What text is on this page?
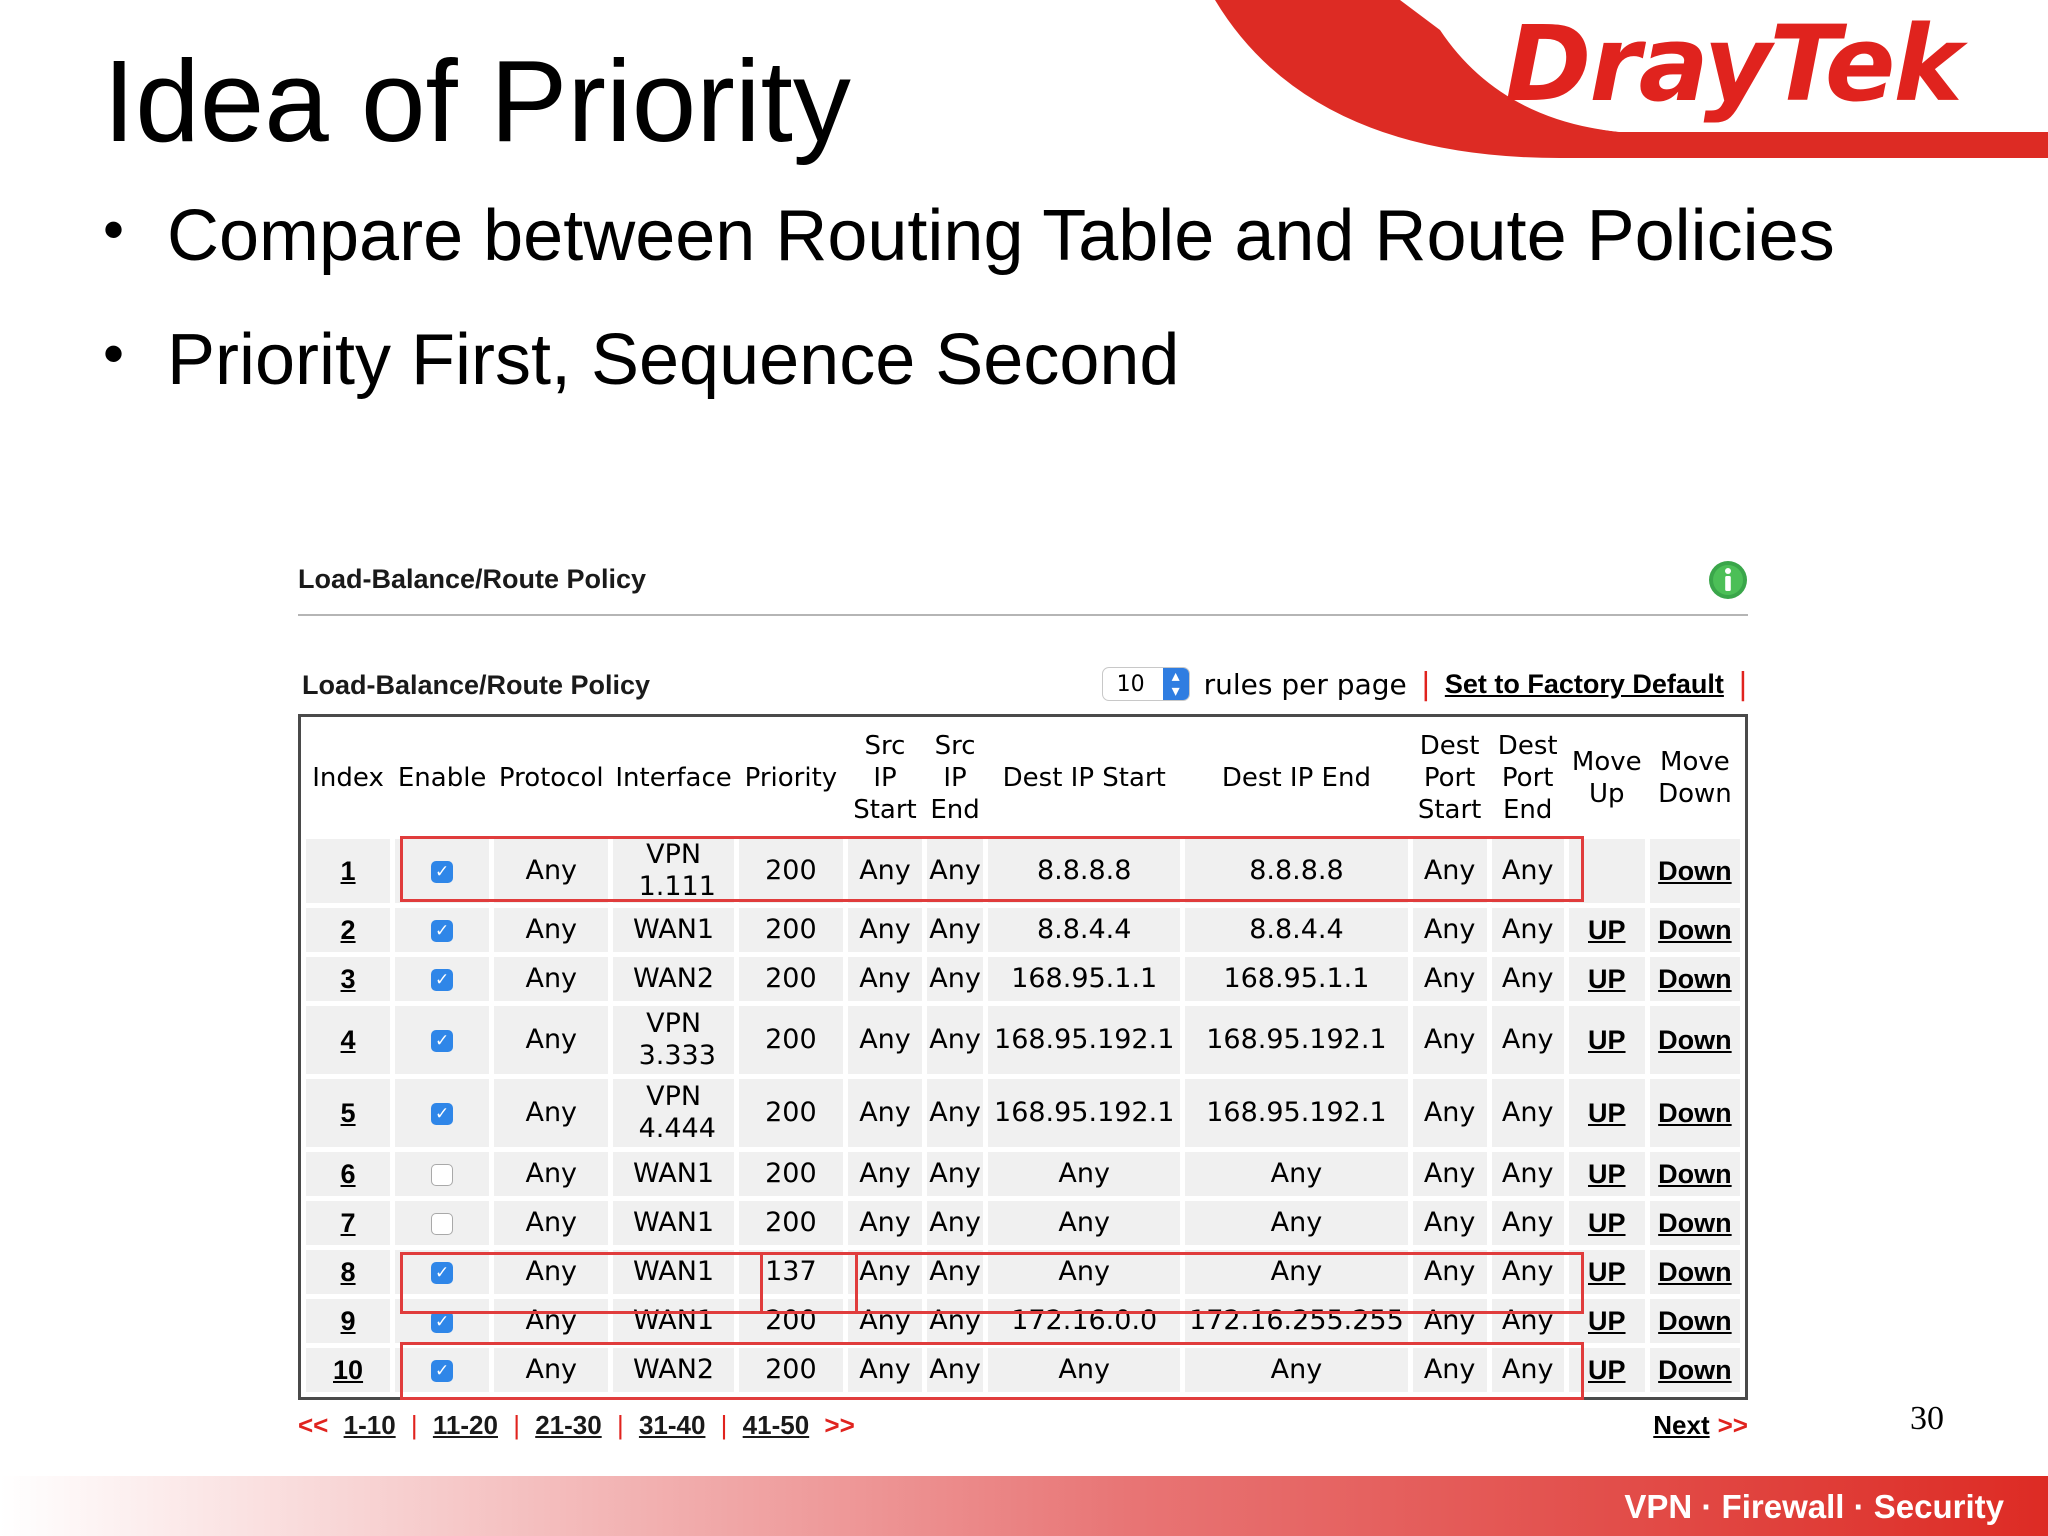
DrayTek
Idea of Priority
• Compare between Routing Table and Route Policies
• Priority First, Sequence Second
Load-Balance/Route Policy
Load-Balance/Route Policy	10	▴
▾ rules per page | Set to Factory Default |
Index	Enable	Protocol	Interface	Priority	Src IP Start	Src IP End	Dest IP Start	Dest IP End	Dest Port Start	Dest Port End	Move Up	Move Down
1	✓	Any	VPN 1.111	200	Any	Any	8.8.8.8	8.8.8.8	Any	Any		Down
2	✓	Any	WAN1	200	Any	Any	8.8.4.4	8.8.4.4	Any	Any	UP	Down
3	✓	Any	WAN2	200	Any	Any	168.95.1.1	168.95.1.1	Any	Any	UP	Down
4	✓	Any	VPN 3.333	200	Any	Any	168.95.192.1	168.95.192.1	Any	Any	UP	Down
5	✓	Any	VPN 4.444	200	Any	Any	168.95.192.1	168.95.192.1	Any	Any	UP	Down
6		Any	WAN1	200	Any	Any	Any	Any	Any	Any	UP	Down
7		Any	WAN1	200	Any	Any	Any	Any	Any	Any	UP	Down
8	✓	Any	WAN1	137	Any	Any	Any	Any	Any	Any	UP	Down
9	✓	Any	WAN1	200	Any	Any	172.16.0.0	172.16.255.255	Any	Any	UP	Down
10	✓	Any	WAN2	200	Any	Any	Any	Any	Any	Any	UP	Down
<< 1-10 | 11-20 | 21-30 | 31-40 | 41-50 >>	Next >>	30
VPN · Firewall · Security
